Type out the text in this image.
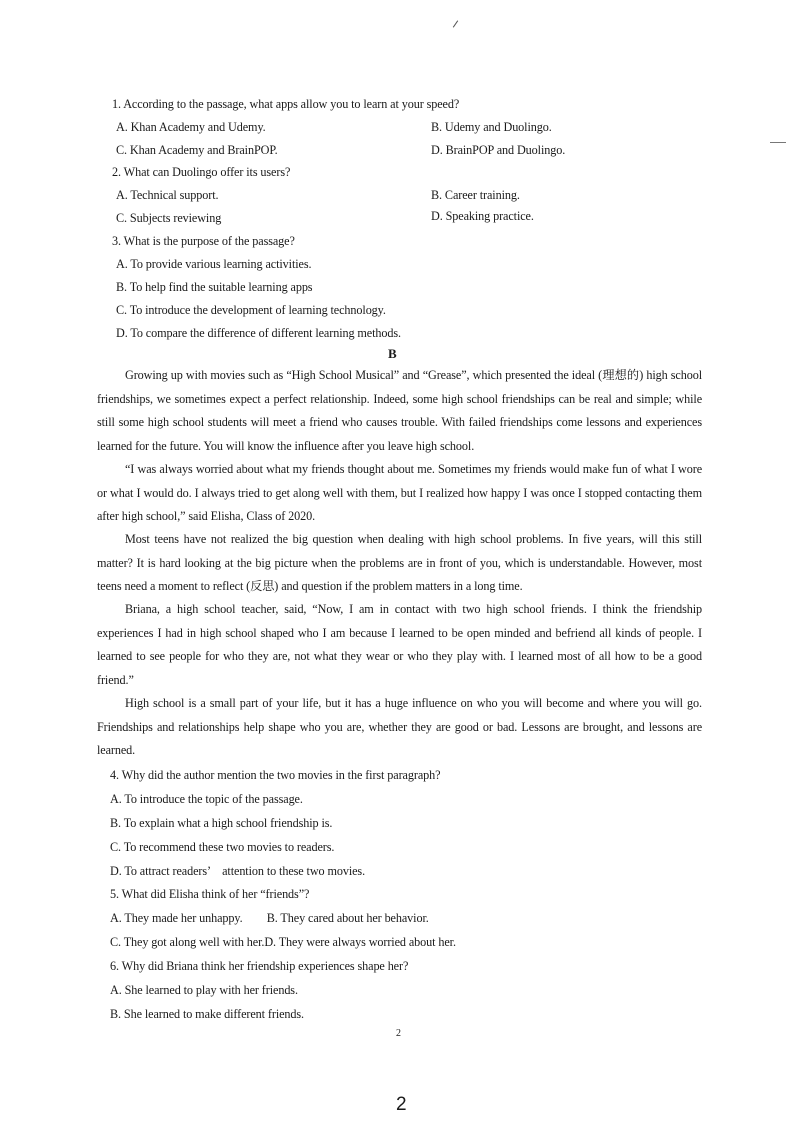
1. According to the passage, what apps allow you to learn at your speed?
A. Khan Academy and Udemy.	B. Udemy and Duolingo.
C. Khan Academy and BrainPOP.	D. BrainPOP and Duolingo.
2. What can Duolingo offer its users?
A. Technical support.	B. Career training.
C. Subjects reviewing	D. Speaking practice.
3. What is the purpose of the passage?
A. To provide various learning activities.
B. To help find the suitable learning apps
C. To introduce the development of learning technology.
D. To compare the difference of different learning methods.
B
Growing up with movies such as “High School Musical” and “Grease”, which presented the ideal (理想的) high school friendships, we sometimes expect a perfect relationship. Indeed, some high school friendships can be real and simple; while still some high school students will meet a friend who causes trouble. With failed friendships come lessons and experiences learned for the future. You will know the influence after you leave high school.
“I was always worried about what my friends thought about me. Sometimes my friends would make fun of what I wore or what I would do. I always tried to get along well with them, but I realized how happy I was once I stopped contacting them after high school,” said Elisha, Class of 2020.
Most teens have not realized the big question when dealing with high school problems. In five years, will this still matter? It is hard looking at the big picture when the problems are in front of you, which is understandable. However, most teens need a moment to reflect (反思) and question if the problem matters in a long time.
Briana, a high school teacher, said, “Now, I am in contact with two high school friends. I think the friendship experiences I had in high school shaped who I am because I learned to be open minded and befriend all kinds of people. I learned to see people for who they are, not what they wear or who they play with. I learned most of all how to be a good friend.”
High school is a small part of your life, but it has a huge influence on who you will become and where you will go. Friendships and relationships help shape who you are, whether they are good or bad. Lessons are brought, and lessons are learned.
4. Why did the author mention the two movies in the first paragraph?
A. To introduce the topic of the passage.
B. To explain what a high school friendship is.
C. To recommend these two movies to readers.
D. To attract readers’　attention to these two movies.
5. What did Elisha think of her “friends”?
A. They made her unhappy.　　B. They cared about her behavior.
C. They got along well with her.D. They were always worried about her.
6. Why did Briana think her friendship experiences shape her?
A. She learned to play with her friends.
B. She learned to make different friends.
2
2
